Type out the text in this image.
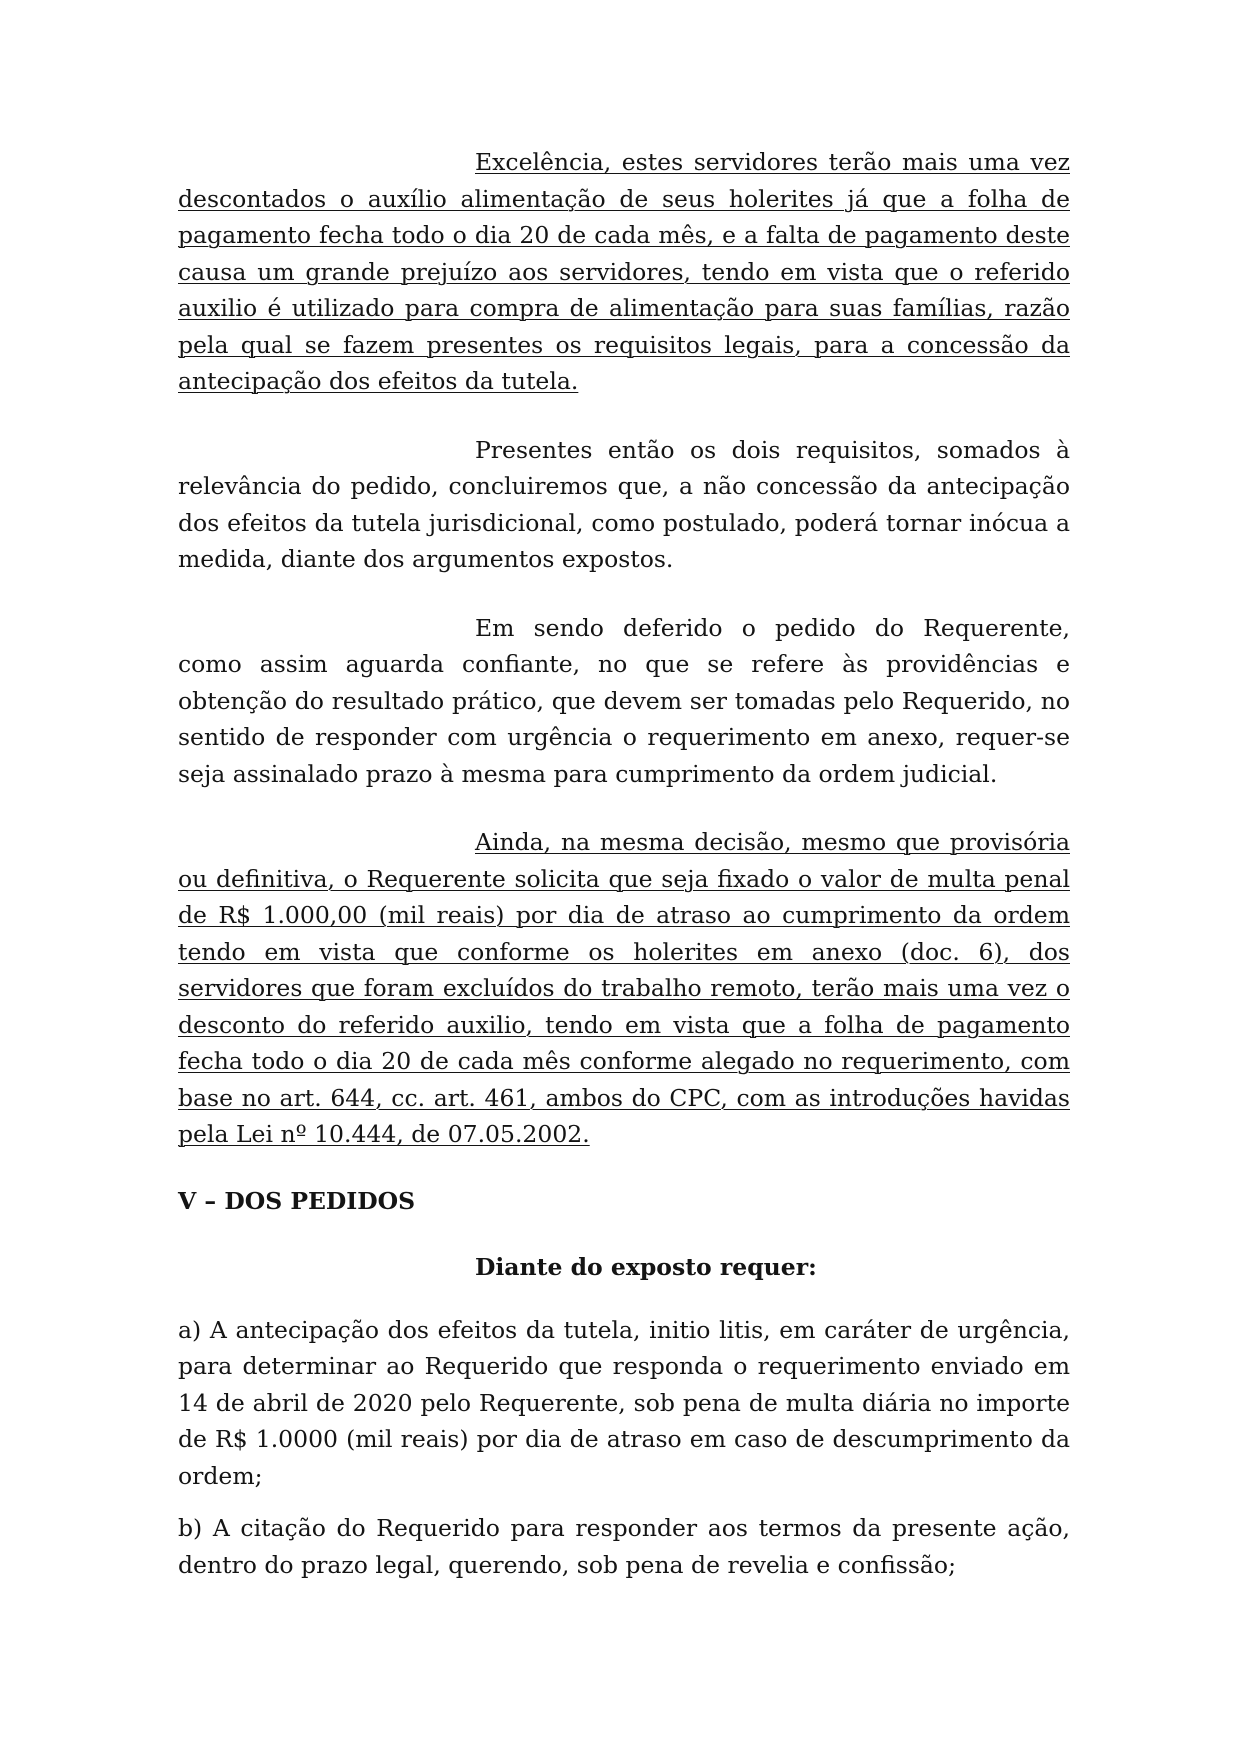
Excelência, estes servidores terão mais uma vez descontados o auxílio alimentação de seus holerites já que a folha de pagamento fecha todo o dia 20 de cada mês, e a falta de pagamento deste causa um grande prejuízo aos servidores, tendo em vista que o referido auxilio é utilizado para compra de alimentação para suas famílias, razão pela qual se fazem presentes os requisitos legais, para a concessão da antecipação dos efeitos da tutela.

Presentes então os dois requisitos, somados à relevância do pedido, concluiremos que, a não concessão da antecipação dos efeitos da tutela jurisdicional, como postulado, poderá tornar inócua a medida, diante dos argumentos expostos.

Em sendo deferido o pedido do Requerente, como assim aguarda confiante, no que se refere às providências e obtenção do resultado prático, que devem ser tomadas pelo Requerido, no sentido de responder com urgência o requerimento em anexo, requer-se seja assinalado prazo à mesma para cumprimento da ordem judicial.

Ainda, na mesma decisão, mesmo que provisória ou definitiva, o Requerente solicita que seja fixado o valor de multa penal de R$ 1.000,00 (mil reais) por dia de atraso ao cumprimento da ordem tendo em vista que conforme os holerites em anexo (doc. 6), dos servidores que foram excluídos do trabalho remoto, terão mais uma vez o desconto do referido auxilio, tendo em vista que a folha de pagamento fecha todo o dia 20 de cada mês conforme alegado no requerimento, com base no art. 644, cc. art. 461, ambos do CPC, com as introduções havidas pela Lei nº 10.444, de 07.05.2002.

V – DOS PEDIDOS

Diante do exposto requer:

a) A antecipação dos efeitos da tutela, initio litis, em caráter de urgência, para determinar ao Requerido que responda o requerimento enviado em 14 de abril de 2020 pelo Requerente, sob pena de multa diária no importe de R$ 1.0000 (mil reais) por dia de atraso em caso de descumprimento da ordem;

b) A citação do Requerido para responder aos termos da presente ação, dentro do prazo legal, querendo, sob pena de revelia e confissão;
